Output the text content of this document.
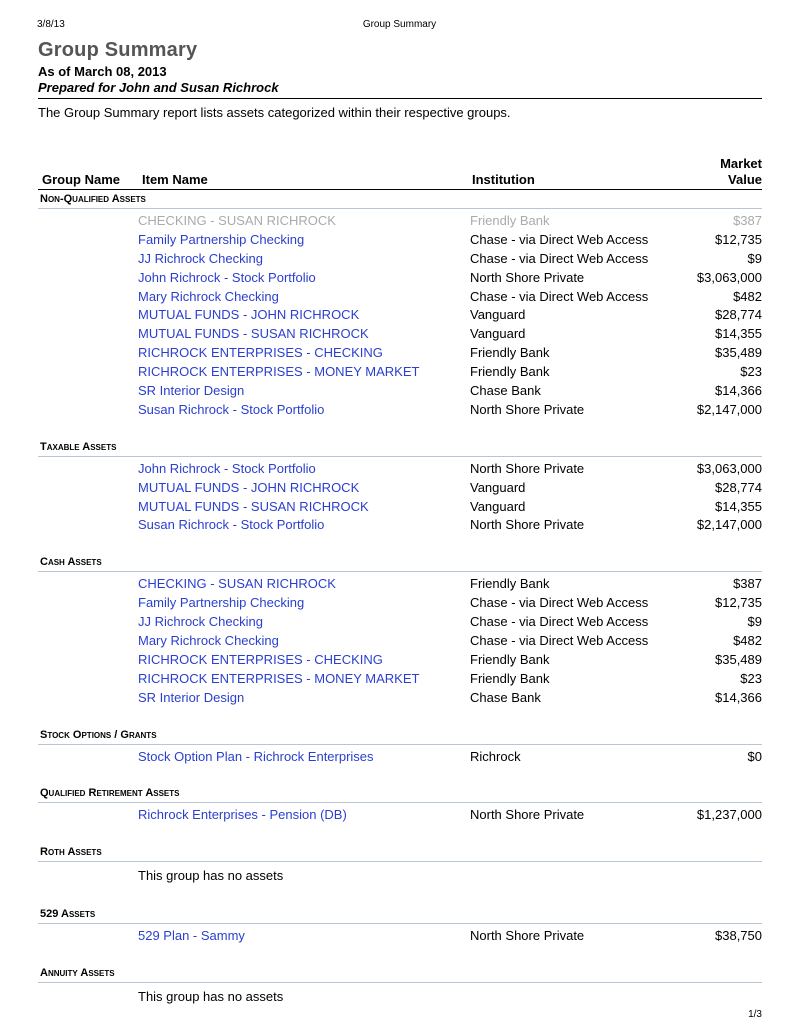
3/8/13	Group Summary
Group Summary
As of March 08, 2013
Prepared for John and Susan Richrock
The Group Summary report lists assets categorized within their respective groups.
Group Name Item Name	Institution
Market
Value
Non-Qualified Assets
CHECKING - SUSAN RICHROCK	Friendly Bank	$387
Family Partnership Checking	Chase - via Direct Web Access	$12,735
JJ Richrock Checking	Chase - via Direct Web Access	$9
John Richrock - Stock Portfolio	North Shore Private	$3,063,000
Mary Richrock Checking	Chase - via Direct Web Access	$482
MUTUAL FUNDS - JOHN RICHROCK	Vanguard	$28,774
MUTUAL FUNDS - SUSAN RICHROCK	Vanguard	$14,355
RICHROCK ENTERPRISES - CHECKING	Friendly Bank	$35,489
RICHROCK ENTERPRISES - MONEY MARKET	Friendly Bank	$23
SR Interior Design	Chase Bank	$14,366
Susan Richrock - Stock Portfolio	North Shore Private	$2,147,000
Taxable Assets
John Richrock - Stock Portfolio	North Shore Private	$3,063,000
MUTUAL FUNDS - JOHN RICHROCK	Vanguard	$28,774
MUTUAL FUNDS - SUSAN RICHROCK	Vanguard	$14,355
Susan Richrock - Stock Portfolio	North Shore Private	$2,147,000
Cash Assets
CHECKING - SUSAN RICHROCK	Friendly Bank	$387
Family Partnership Checking	Chase - via Direct Web Access	$12,735
JJ Richrock Checking	Chase - via Direct Web Access	$9
Mary Richrock Checking	Chase - via Direct Web Access	$482
RICHROCK ENTERPRISES - CHECKING	Friendly Bank	$35,489
RICHROCK ENTERPRISES - MONEY MARKET	Friendly Bank	$23
SR Interior Design	Chase Bank	$14,366
Stock Options / Grants
Stock Option Plan - Richrock Enterprises	Richrock	$0
Qualified Retirement Assets
Richrock Enterprises - Pension (DB)	North Shore Private	$1,237,000
Roth Assets
This group has no assets
529 Assets
529 Plan - Sammy	North Shore Private	$38,750
Annuity Assets
This group has no assets
1/3
